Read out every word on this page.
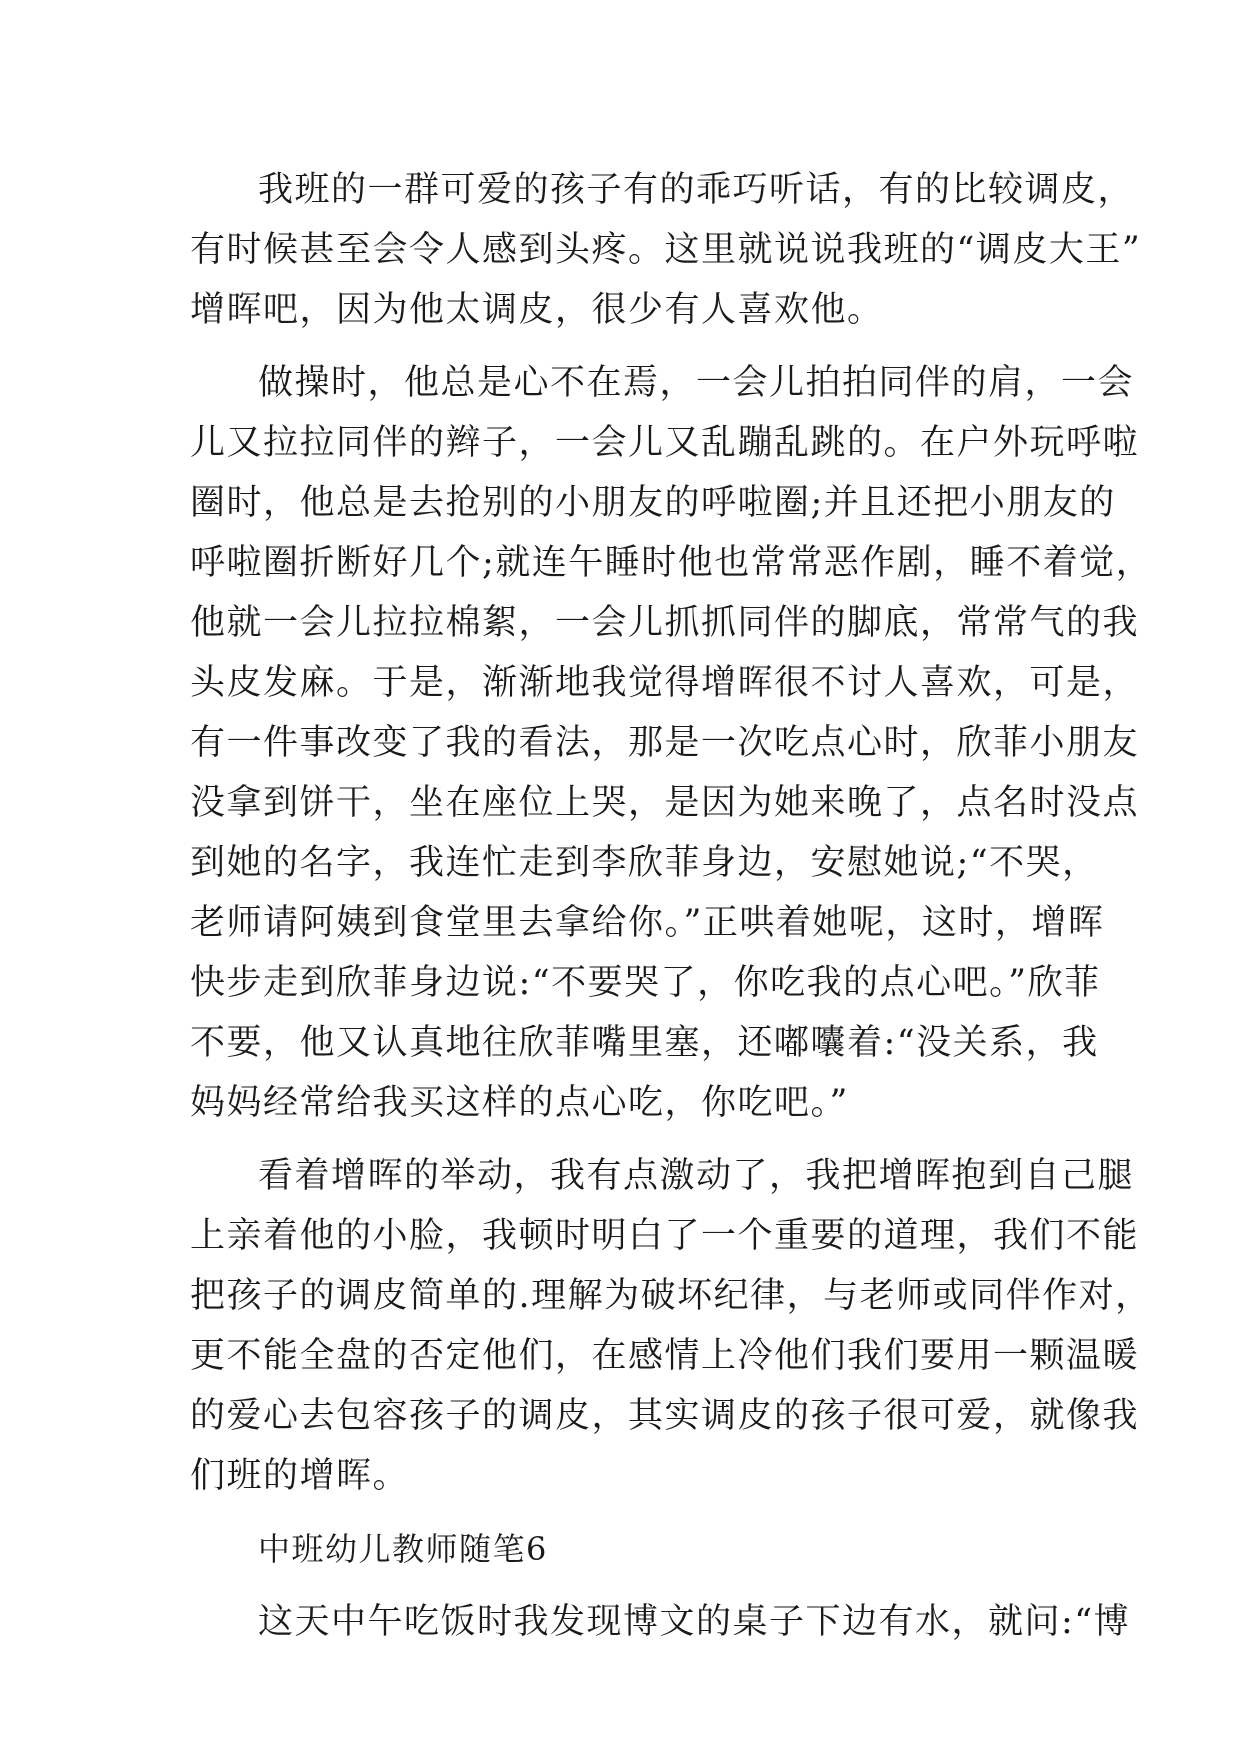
我班的一群可爱的孩子有的乖巧听话，有的比较调皮，
有时候甚至会令人感到头疼。这里就说说我班的“调皮大王”
增晖吧，因为他太调皮，很少有人喜欢他。
做操时，他总是心不在焉，一会儿拍拍同伴的肩，一会
儿又拉拉同伴的辫子，一会儿又乱蹦乱跳的。在户外玩呼啦
圈时，他总是去抢别的小朋友的呼啦圈;并且还把小朋友的
呼啦圈折断好几个;就连午睡时他也常常恶作剧，睡不着觉，
他就一会儿拉拉棉絮，一会儿抓抓同伴的脚底，常常气的我
头皮发麻。于是，渐渐地我觉得增晖很不讨人喜欢，可是，
有一件事改变了我的看法，那是一次吃点心时，欣菲小朋友
没拿到饼干，坐在座位上哭，是因为她来晚了，点名时没点
到她的名字，我连忙走到李欣菲身边，安慰她说;“不哭，
老师请阿姨到食堂里去拿给你。”正哄着她呢，这时，增晖
快步走到欣菲身边说:“不要哭了，你吃我的点心吧。”欣菲
不要，他又认真地往欣菲嘴里塞，还嘟囔着:“没关系，我
妈妈经常给我买这样的点心吃，你吃吧。”
看着增晖的举动，我有点激动了，我把增晖抱到自己腿
上亲着他的小脸，我顿时明白了一个重要的道理，我们不能
把孩子的调皮简单的.理解为破坏纪律，与老师或同伴作对，
更不能全盘的否定他们，在感情上冷他们我们要用一颗温暖
的爱心去包容孩子的调皮，其实调皮的孩子很可爱，就像我
们班的增晖。
中班幼儿教师随笔6
这天中午吃饭时我发现博文的桌子下边有水，就问:“博
